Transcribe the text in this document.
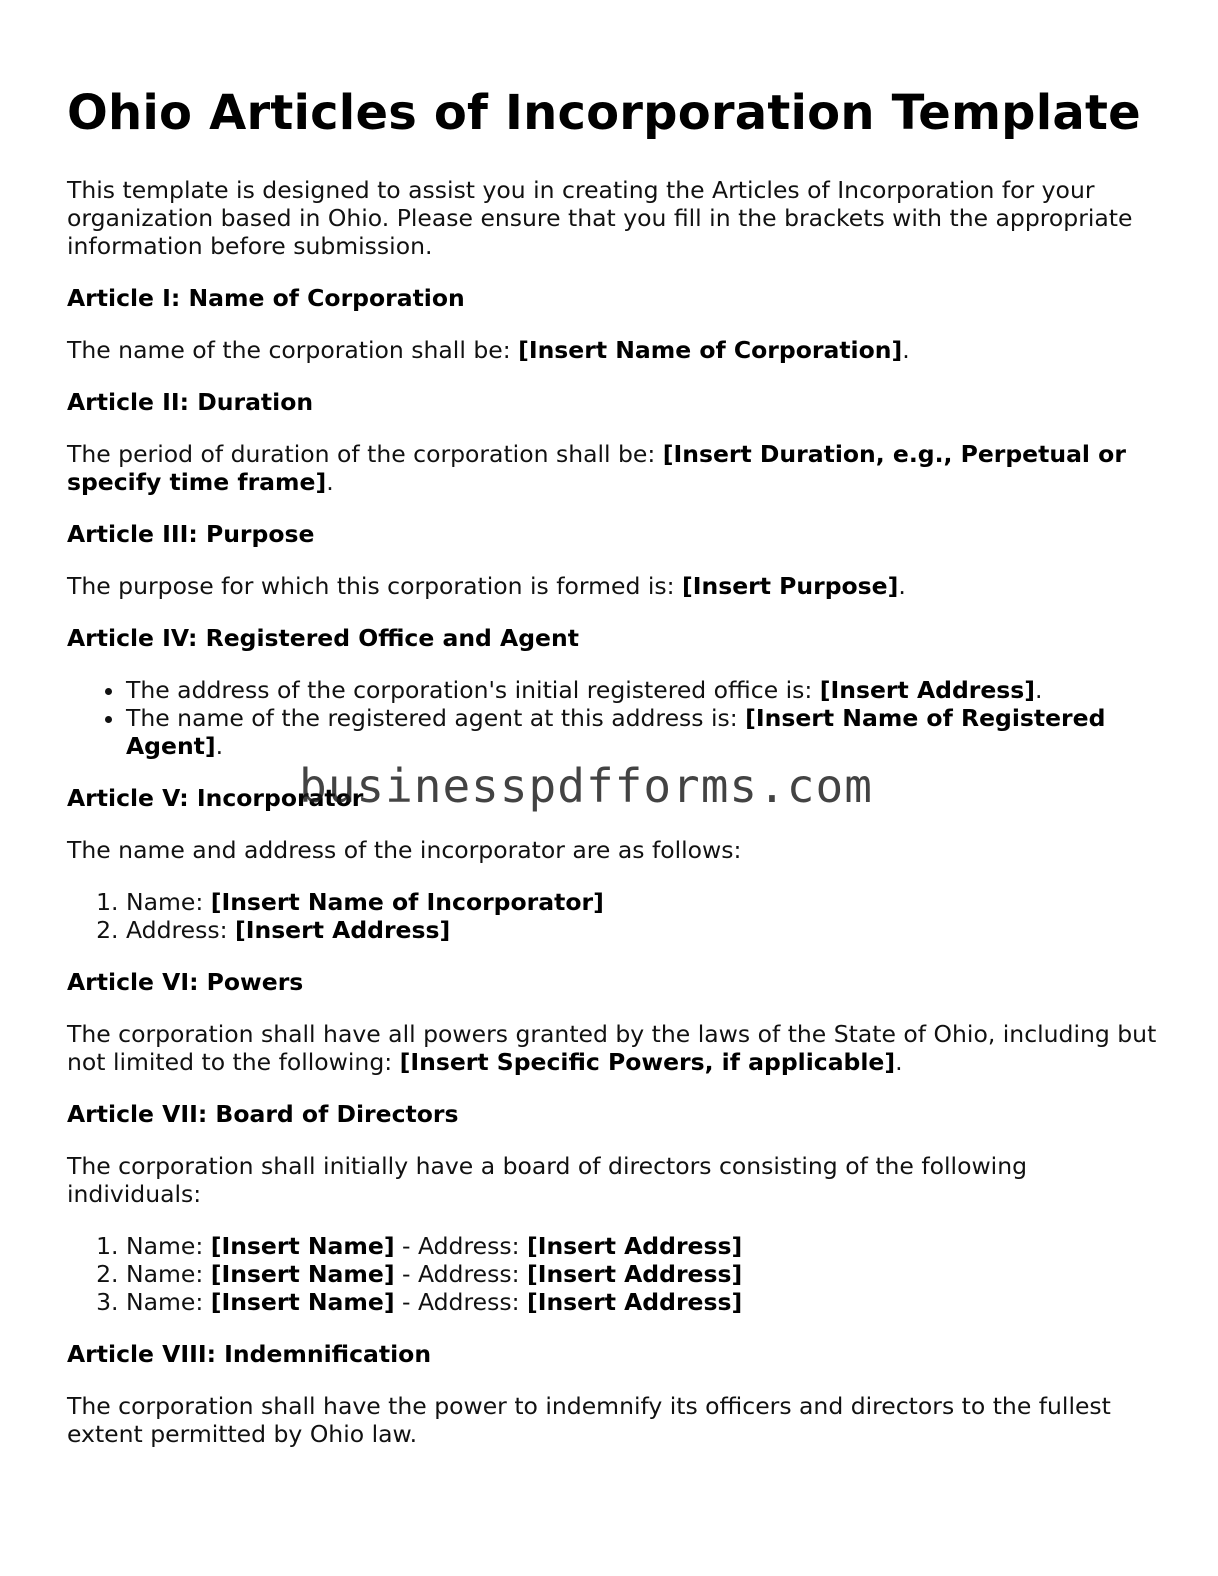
Ohio Articles of Incorporation Template

This template is designed to assist you in creating the Articles of Incorporation for your organization based in Ohio. Please ensure that you fill in the brackets with the appropriate information before submission.

Article I: Name of Corporation

The name of the corporation shall be: [Insert Name of Corporation].

Article II: Duration

The period of duration of the corporation shall be: [Insert Duration, e.g., Perpetual or specify time frame].

Article III: Purpose

The purpose for which this corporation is formed is: [Insert Purpose].

Article IV: Registered Office and Agent
• The address of the corporation's initial registered office is: [Insert Address].
• The name of the registered agent at this address is: [Insert Name of Registered Agent].
Article V: Incorporator

The name and address of the incorporator are as follows:

1. Name: [Insert Name of Incorporator]
2. Address: [Insert Address]
Article VI: Powers

The corporation shall have all powers granted by the laws of the State of Ohio, including but not limited to the following: [Insert Specific Powers, if applicable].

Article VII: Board of Directors

The corporation shall initially have a board of directors consisting of the following individuals:

1. Name: [Insert Name] - Address: [Insert Address]
2. Name: [Insert Name] - Address: [Insert Address]
3. Name: [Insert Name] - Address: [Insert Address]
Article VIII: Indemnification

The corporation shall have the power to indemnify its officers and directors to the fullest extent permitted by Ohio law.

businesspdfforms.com
